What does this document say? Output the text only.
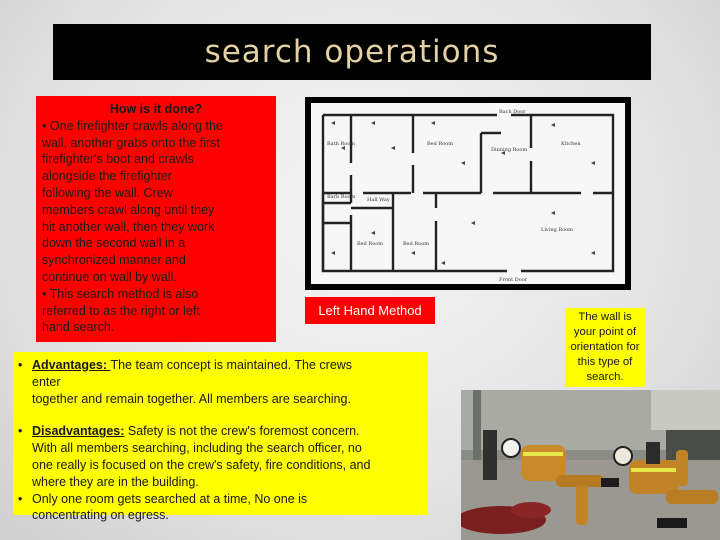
search operations
How is it done?
• One firefighter crawls along the
wall, another grabs onto the first
firefighter's boot and crawls
alongside the firefighter
following the wall. Crew
members crawl along until they
hit another wall, then they work
down the second wall in a
synchronized manner and
continue on wall by wall.
• This search method is also
referred to as the right or left
hand search.
Back Door
Bath Room	Bed Room
Dinning Room
Kitchen
Barb Room Hall Way
Bed Room	Bed Room
Living Room
Front Door
Left Hand Method
• Advantages: The team concept is maintained. The crews
enter
together and remain together. All members are searching.
• Disadvantages: Safety is not the crew's foremost concern.
With all members searching, including the search officer, no
one really is focused on the crew's safety, fire conditions, and
where they are in the building.
• Only one room gets searched at a time, No one is
concentrating on egress.
The wall is
your point of
orientation for
this type of
search.
